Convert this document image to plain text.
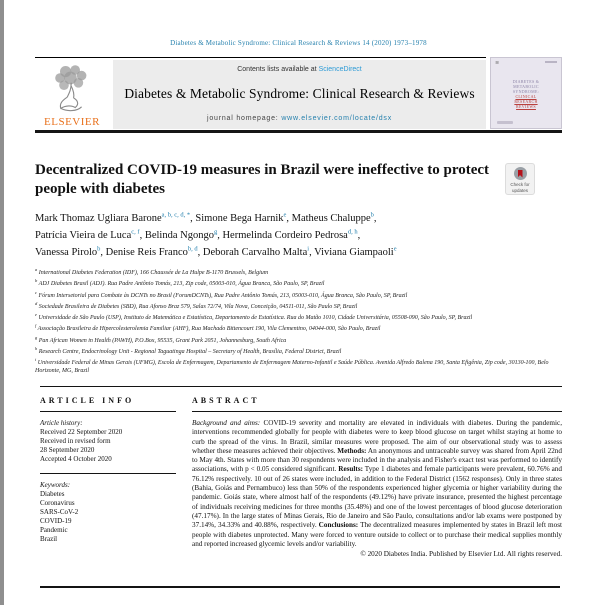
Diabetes & Metabolic Syndrome: Clinical Research & Reviews 14 (2020) 1973–1978
ELSEVIER
Contents lists available at ScienceDirect
Diabetes & Metabolic Syndrome: Clinical Research & Reviews
journal homepage: www.elsevier.com/locate/dsx
≋
DIABETES &
METABOLIC
SYNDROME:
CLINICAL
RESEARCH
REVIEWS
Decentralized COVID-19 measures in Brazil were ineffective to protect people with diabetes	Check for
updates
Mark Thomaz Ugliara Barone$^{a, b, c, d, *}$, Simone Bega Harnik$^e$, Matheus Chaluppe$^b$,
Patrícia Vieira de Luca$^{c, f}$, Belinda Ngongo$^g$, Hermelinda Cordeiro Pedrosa$^{d, h}$,
Vanessa Pirolo$^b$, Denise Reis Franco$^{b, d}$, Deborah Carvalho Malta$^i$, Viviana Giampaoli$^e$
$^a$ International Diabetes Federation (IDF), 166 Chaussée de La Hulpe B-1170 Brussels, Belgium
$^b$ ADJ Diabetes Brasil (ADJ). Rua Padre Antônio Tomás, 213, Zip code, 05003-010, Água Branca, São Paulo, SP, Brazil
$^c$ Fórum Intersetorial para Combate às DCNTs no Brasil (ForumDCNTs), Rua Padre Antônio Tomás, 213, 05003-010, Água Branca, São Paulo, SP, Brazil
$^d$ Sociedade Brasileira de Diabetes (SBD), Rua Afonso Braz 579, Salas 72/74, Vila Nova, Conceição, 04511-011, São Paulo SP, Brazil
$^e$ Universidade de São Paulo (USP), Instituto de Matemática e Estatística, Departamento de Estatística. Rua do Matão 1010, Cidade Universitária, 05508-090, São Paulo, SP, Brazil
$^f$ Associação Brasileira de Hipercolesterolemia Familiar (AHF), Rua Machado Bittencourt 190, Vila Clementino, 04044-000, São Paulo, Brazil
$^g$ Pan African Women in Health (PAWH), P.O.Box, 95535, Grant Park 2051, Johannesburg, South Africa
$^h$ Research Centre, Endocrinology Unit - Regional Taguatinga Hospital – Secretary of Health, Brasília, Federal District, Brazil
$^i$ Universidade Federal de Minas Gerais (UFMG), Escola de Enfermagem, Departamento de Enfermagem Materno-Infantil e Saúde Pública. Avenida Alfredo Balena 190, Santa Efigênia, Zip code, 30130-100, Belo Horizonte, MG, Brazil
ARTICLE INFO
Article history:
Received 22 September 2020
Received in revised form
28 September 2020
Accepted 4 October 2020
Keywords:
Diabetes
Coronavirus
SARS-CoV-2
COVID-19
Pandemic
Brazil
ABSTRACT

Background and aims: COVID-19 severity and mortality are elevated in individuals with diabetes. During the pandemic, interventions recommended globally for people with diabetes were to keep blood glucose on target whilst staying at home to curb the spread of the virus. In Brazil, similar measures were proposed. The aim of our observational study was to assess whether these measures achieved their objectives. Methods: An anonymous and untraceable survey was shared from April 22nd to May 4th. States with more than 30 respondents were included in the analysis and Fisher's exact test was performed to identify associations, with p < 0.05 considered significant. Results: Type 1 diabetes and female participants were prevalent, 60.76% and 76.12% respectively. 10 out of 26 states were included, in addition to the Federal District (1562 responses). Only in three states (Bahia, Goiás and Pernambuco) less than 50% of the respondents experienced higher glycemia or higher variability during the pandemic. Goiás state, where almost half of the respondents (49.12%) have private insurance, presented the highest percentage of individuals receiving medicines for three months (35.48%) and one of the lowest percentages of blood glucose deterioration (47.17%). In the large states of Minas Gerais, Rio de Janeiro and São Paulo, consultations and/or lab exams were postponed by 37.14%, 34.33% and 40.88%, respectively. Conclusions: The decentralized measures implemented by states in Brazil left most people with diabetes unprotected. Many were forced to venture outside to collect or to purchase their medical supplies monthly and reported increased glycemic levels and/or variability.

© 2020 Diabetes India. Published by Elsevier Ltd. All rights reserved.
